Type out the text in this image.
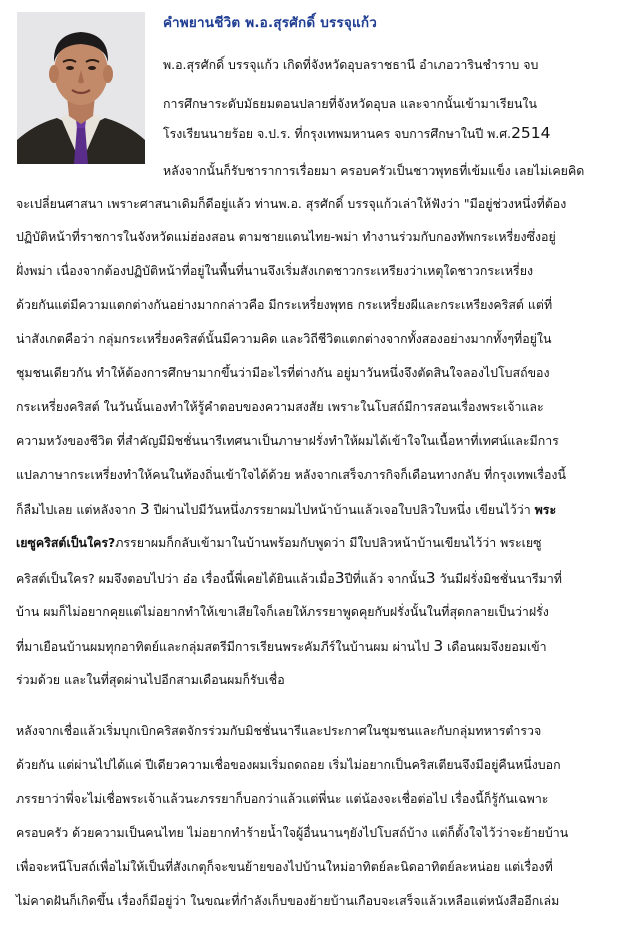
คำพยานชีวิต พ.อ.สุรศักดิ์ บรรจุแก้ว
พ.อ.สุรศักดิ์ บรรจุแก้ว เกิดที่จังหวัดอุบลราชธานี อำเภอวารินชำราบ จบ
การศึกษาระดับมัธยมตอนปลายที่จังหวัดอุบล และจากนั้นเข้ามาเรียนใน
โรงเรียนนายร้อย จ.ป.ร. ที่กรุงเทพมหานคร จบการศึกษาในปี พ.ศ.2514
หลังจากนั้นก็รับชาราการเรื่อยมา ครอบครัวเป็นชาวพุทธที่เข้มแข็ง เลยไม่เคยคิด
จะเปลี่ยนศาสนา เพราะศาสนาเดิมก็ดีอยู่แล้ว ท่านพ.อ. สุรศักดิ์ บรรจุแก้วเล่าให้ฟังว่า "มีอยู่ช่วงหนึ่งที่ต้อง
ปฏิบัติหน้าที่ราชการในจังหวัดแม่ฮ่องสอน ตามชายแดนไทย-พม่า ทำงานร่วมกับกองทัพกระเหรี่ยงซึ่งอยู่
ฝั่งพม่า เนื่องจากต้องปฏิบัติหน้าที่อยู่ในพื้นที่นานจึงเริ่มสังเกตชาวกระเหรียงว่าเหตุใดชาวกระเหรี่ยง
ด้วยกันแต่มีความแตกต่างกันอย่างมากกล่าวคือ มีกระเหรี่ยงพุทธ กระเหรี่ยงผีและกระเหรียงคริสต์ แต่ที่
น่าสังเกตคือว่า กลุ่มกระเหรี่ยงคริสต์นั้นมีความคิด และวิถีชีวิตแตกต่างจากทั้งสองอย่างมากทั้งๆที่อยู่ใน
ชุมชนเดียวกัน ทำให้ต้องการศึกษามากขึ้นว่ามีอะไรที่ต่างกัน อยู่มาวันหนึ่งจึงตัดสินใจลองไปโบสถ์ของ
กระเหรี่ยงคริสต์ ในวันนั้นเองทำให้รู้คำตอบของความสงสัย เพราะในโบสถ์มีการสอนเรื่องพระเจ้าและ
ความหวังของชีวิต ที่สำคัญมีมิชชั่นนารีเทศนาเป็นภาษาฝรั่งทำให้ผมได้เข้าใจในเนื้อหาที่เทศน์และมีการ
แปลภาษากระเหรี่ยงทำให้คนในท้องถิ่นเข้าใจได้ด้วย หลังจากเสร็จภารกิจก็เดือนทางกลับ ที่กรุงเทพเรื่องนี้
ก็ลืมไปเลย แต่หลังจาก 3 ปีผ่านไปมีวันหนึ่งภรรยาผมไปหน้าบ้านแล้วเจอใบปลิวใบหนึ่ง เขียนไว้ว่า พระ
เยซูคริสต์เป็นใคร?ภรรยาผมก็กลับเข้ามาในบ้านพร้อมกับพูดว่า มีใบปลิวหน้าบ้านเขียนไว้ว่า พระเยซู
คริสต์เป็นใคร? ผมจึงตอบไปว่า อ๋อ เรื่องนี้พี่เคยได้ยินแล้วเมื่อ3ปีที่แล้ว จากนั้น3 วันมีฝรั่งมิชชั่นนารีมาที่
บ้าน ผมก็ไม่อยากคุยแต่ไม่อยากทำให้เขาเสียใจก็เลยให้ภรรยาพูดคุยกับฝรั่งนั้นในที่สุดกลายเป็นว่าฝรั่ง
ที่มาเยือนบ้านผมทุกอาทิตย์และกลุ่มสตรีมีการเรียนพระคัมภีร์ในบ้านผม ผ่านไป 3 เดือนผมจึงยอมเข้า
ร่วมด้วย และในที่สุดผ่านไปอีกสามเดือนผมก็รับเชื่อ
หลังจากเชื่อแล้วเริ่มบุกเบิกคริสตจักรร่วมกับมิชชั่นนารีและประกาศในชุมชนและกับกลุ่มทหารตำรวจ
ด้วยกัน แต่ผ่านไปได้แค่ ปีเดียวความเชื่อของผมเริ่มถดถอย เริ่มไม่อยากเป็นคริสเตียนจึงมีอยู่คืนหนึ่งบอก
ภรรยาว่าพี่จะไม่เชื่อพระเจ้าแล้วนะภรรยาก็บอกว่าแล้วแต่พี่นะ แต่น้องจะเชื่อต่อไป เรื่องนี้ก็รู้กันเฉพาะ
ครอบครัว ด้วยความเป็นคนไทย ไม่อยากทำร้ายน้ำใจผู้อื่นนานๆยังไปโบสถ์บ้าง แต่ก็ตั้งใจไว้ว่าจะย้ายบ้าน
เพื่อจะหนีโบสถ์เพื่อไม่ให้เป็นที่สังเกตุก็จะขนย้ายของไปบ้านใหม่อาทิตย์ละนิดอาทิตย์ละหน่อย แต่เรื่องที่
ไม่คาดฝันก็เกิดขึ้น เรื่องก็มีอยู่ว่า ในขณะที่กำลังเก็บของย้ายบ้านเกือบจะเสร็จแล้วเหลือแต่หนังสืออีกเล่ม
